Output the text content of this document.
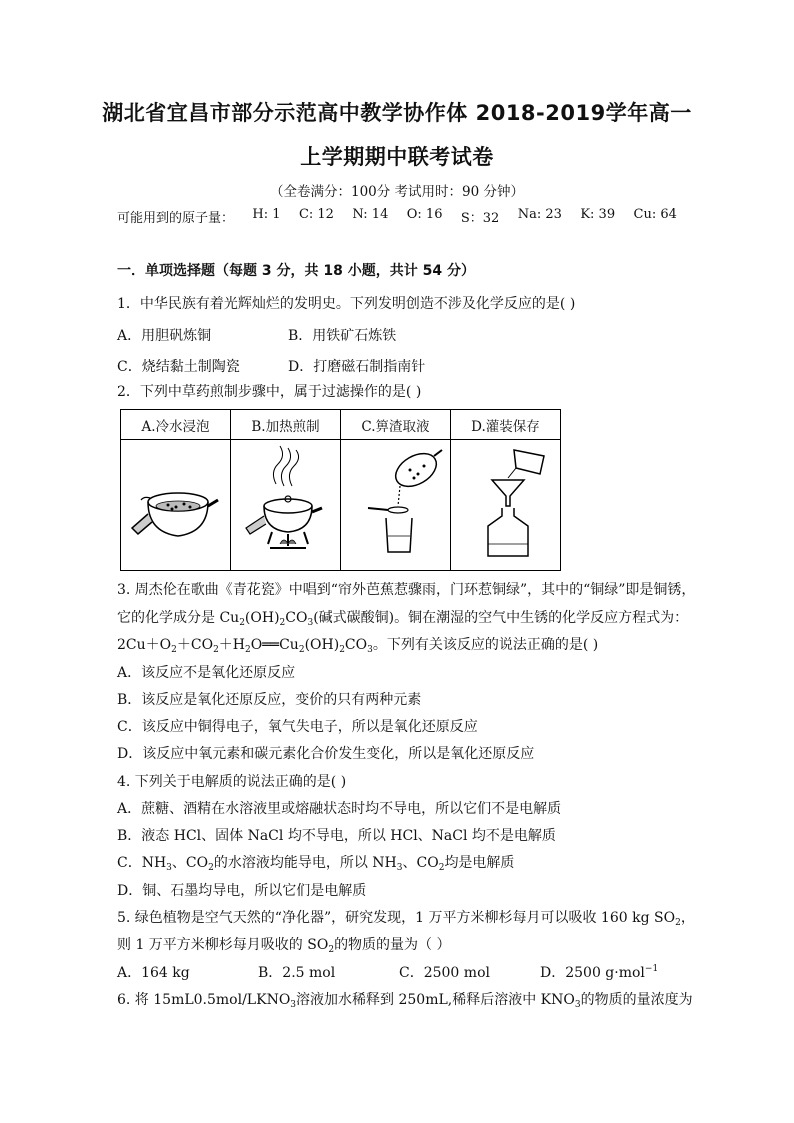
湖北省宜昌市部分示范高中教学协作体 2018-2019学年高一
上学期期中联考试卷
（全卷满分：100分 考试用时：90 分钟）
可能用到的原子量： H: 1 C: 12 N: 14 O: 16 S：32 Na: 23 K: 39 Cu: 64
一．单项选择题（每题 3 分，共 18 小题，共计 54 分）
1．中华民族有着光辉灿烂的发明史。下列发明创造不涉及化学反应的是( )
A．用胆矾炼铜	B．用铁矿石炼铁
C．烧结黏土制陶瓷	D．打磨磁石制指南针
2．下列中草药煎制步骤中，属于过滤操作的是( )
A.冷水浸泡	B.加热煎制	C.箅渣取液	D.灌装保存

3. 周杰伦在歌曲《青花瓷》中唱到“帘外芭蕉惹骤雨，门环惹铜绿”，其中的“铜绿”即是铜锈，
它的化学成分是 $Cu_2(OH)_2CO_3$(碱式碳酸铜)。铜在潮湿的空气中生锈的化学反应方程式为：
$2Cu+O_2+CO_2+H_2O══Cu_2(OH)_2CO_3$。下列有关该反应的说法正确的是( )
A．该反应不是氧化还原反应
B．该反应是氧化还原反应，变价的只有两种元素
C．该反应中铜得电子，氧气失电子，所以是氧化还原反应
D．该反应中氧元素和碳元素化合价发生变化，所以是氧化还原反应
4. 下列关于电解质的说法正确的是( )
A．蔗糖、酒精在水溶液里或熔融状态时均不导电，所以它们不是电解质
B．液态 HCl、固体 NaCl 均不导电，所以 HCl、NaCl 均不是电解质
C．$NH_3$、$CO_2$的水溶液均能导电，所以 $NH_3$、$CO_2$均是电解质
D．铜、石墨均导电，所以它们是电解质
5. 绿色植物是空气天然的“净化器”，研究发现，1 万平方米柳杉每月可以吸收 160 kg $SO_2$，
则 1 万平方米柳杉每月吸收的 $SO_2$的物质的量为（ ）
A．164 kg	B．2.5 mol	C．2500 mol	D．2500 g·mol$^{-1}$
6. 将 $15mL0.5mol/LKNO_3$溶液加水稀释到 250mL,稀释后溶液中 $KNO_3$的物质的量浓度为
